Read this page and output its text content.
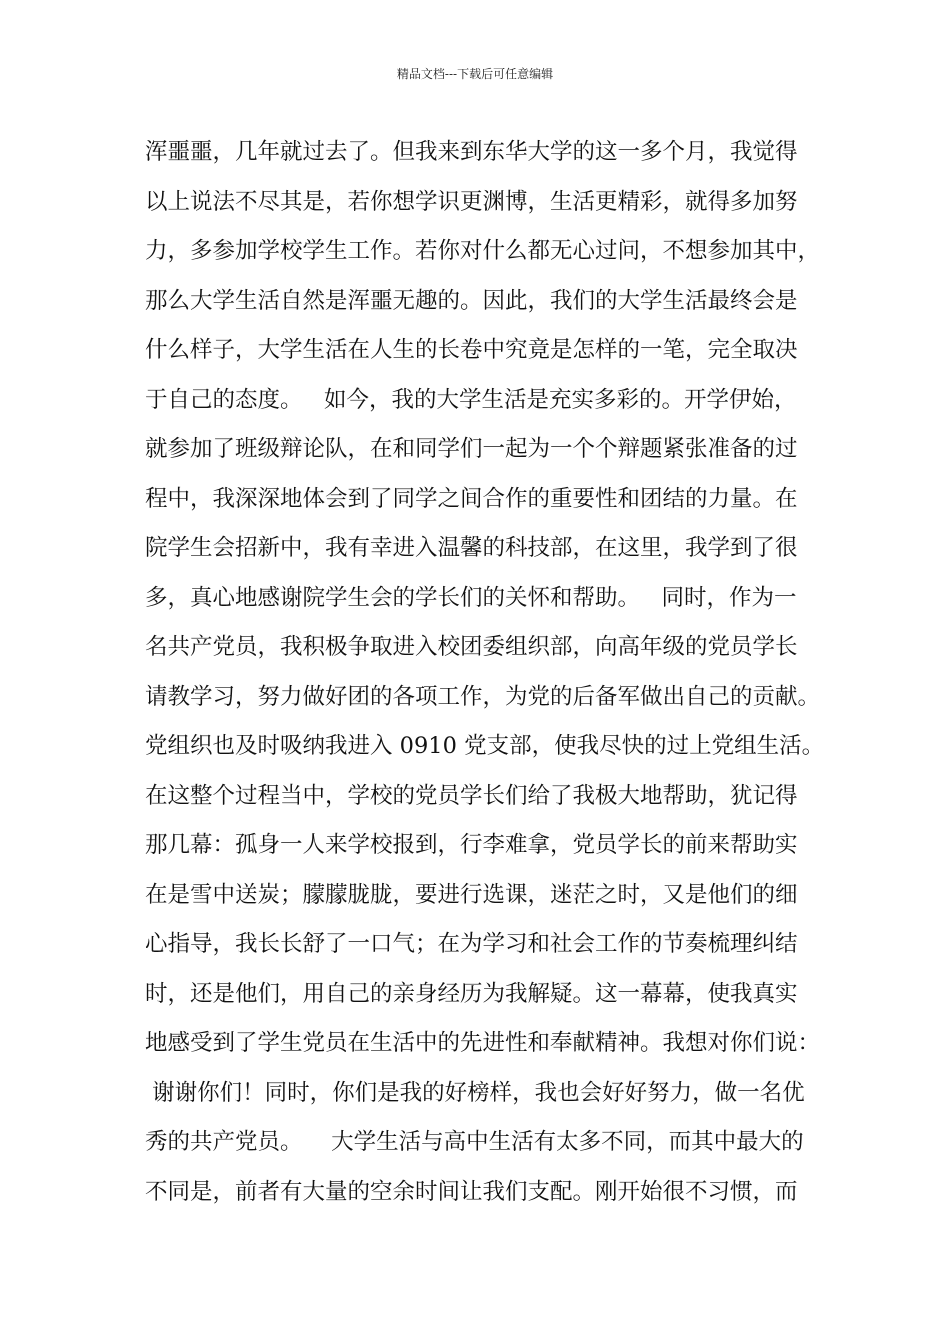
精品文档---下载后可任意编辑
浑噩噩，几年就过去了。但我来到东华大学的这一多个月，我觉得
以上说法不尽其是，若你想学识更渊博，生活更精彩，就得多加努
力，多参加学校学生工作。若你对什么都无心过问，不想参加其中，
那么大学生活自然是浑噩无趣的。因此，我们的大学生活最终会是
什么样子，大学生活在人生的长卷中究竟是怎样的一笔，完全取决
于自己的态度。   如今，我的大学生活是充实多彩的。开学伊始，
就参加了班级辩论队，在和同学们一起为一个个辩题紧张准备的过
程中，我深深地体会到了同学之间合作的重要性和团结的力量。在
院学生会招新中，我有幸进入温馨的科技部，在这里，我学到了很
多，真心地感谢院学生会的学长们的关怀和帮助。   同时，作为一
名共产党员，我积极争取进入校团委组织部，向高年级的党员学长
请教学习，努力做好团的各项工作，为党的后备军做出自己的贡献。
党组织也及时吸纳我进入 0910 党支部，使我尽快的过上党组生活。
在这整个过程当中，学校的党员学长们给了我极大地帮助，犹记得
那几幕：孤身一人来学校报到，行李难拿，党员学长的前来帮助实
在是雪中送炭；朦朦胧胧，要进行选课，迷茫之时，又是他们的细
心指导，我长长舒了一口气；在为学习和社会工作的节奏梳理纠结
时，还是他们，用自己的亲身经历为我解疑。这一幕幕，使我真实
地感受到了学生党员在生活中的先进性和奉献精神。我想对你们说：
谢谢你们！同时，你们是我的好榜样，我也会好好努力，做一名优
秀的共产党员。    大学生活与高中生活有太多不同，而其中最大的
不同是，前者有大量的空余时间让我们支配。刚开始很不习惯，而
